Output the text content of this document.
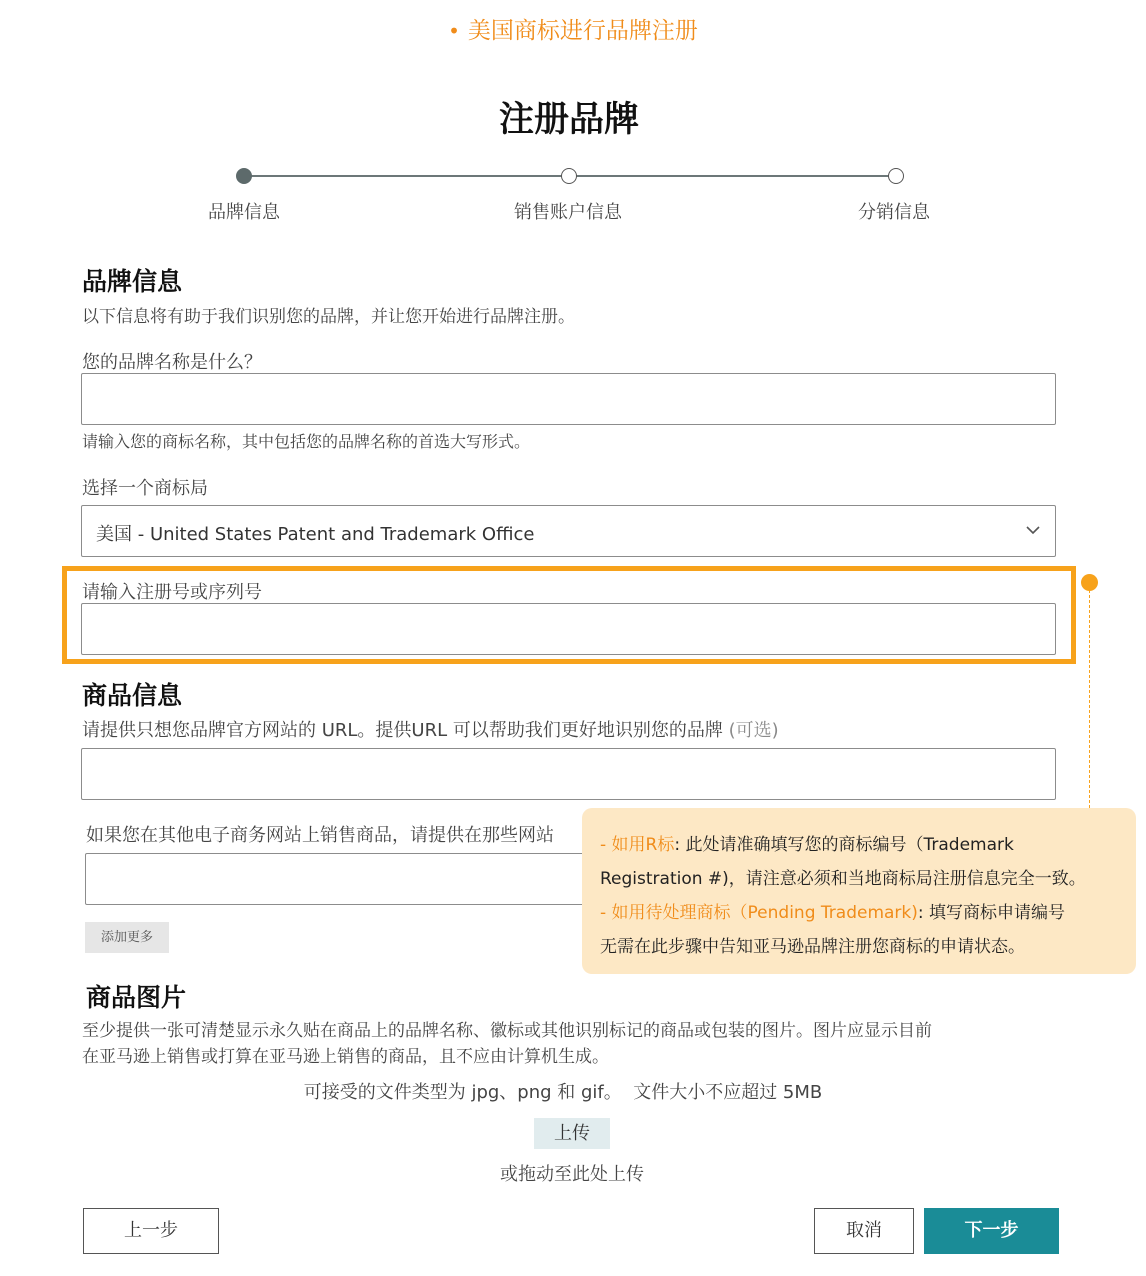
• 美国商标进行品牌注册
注册品牌
品牌信息	销售账户信息	分销信息
品牌信息
以下信息将有助于我们识别您的品牌，并让您开始进行品牌注册。
您的品牌名称是什么？
请输入您的商标名称，其中包括您的品牌名称的首选大写形式。
选择一个商标局
美国 - United States Patent and Trademark Office
请输入注册号或序列号
商品信息
请提供只想您品牌官方网站的 URL。提供URL 可以帮助我们更好地识别您的品牌 (可选)
如果您在其他电子商务网站上销售商品，请提供在那些网站
添加更多
- 如用R标: 此处请准确填写您的商标编号（Trademark
Registration #)，请注意必须和当地商标局注册信息完全一致。
- 如用待处理商标（Pending Trademark): 填写商标申请编号
无需在此步骤中告知亚马逊品牌注册您商标的申请状态。
商品图片
至少提供一张可清楚显示永久贴在商品上的品牌名称、徽标或其他识别标记的商品或包装的图片。图片应显示目前
在亚马逊上销售或打算在亚马逊上销售的商品，且不应由计算机生成。
可接受的文件类型为 jpg、png 和 gif。  文件大小不应超过 5MB
上传
或拖动至此处上传
上一步	取消	下一步
